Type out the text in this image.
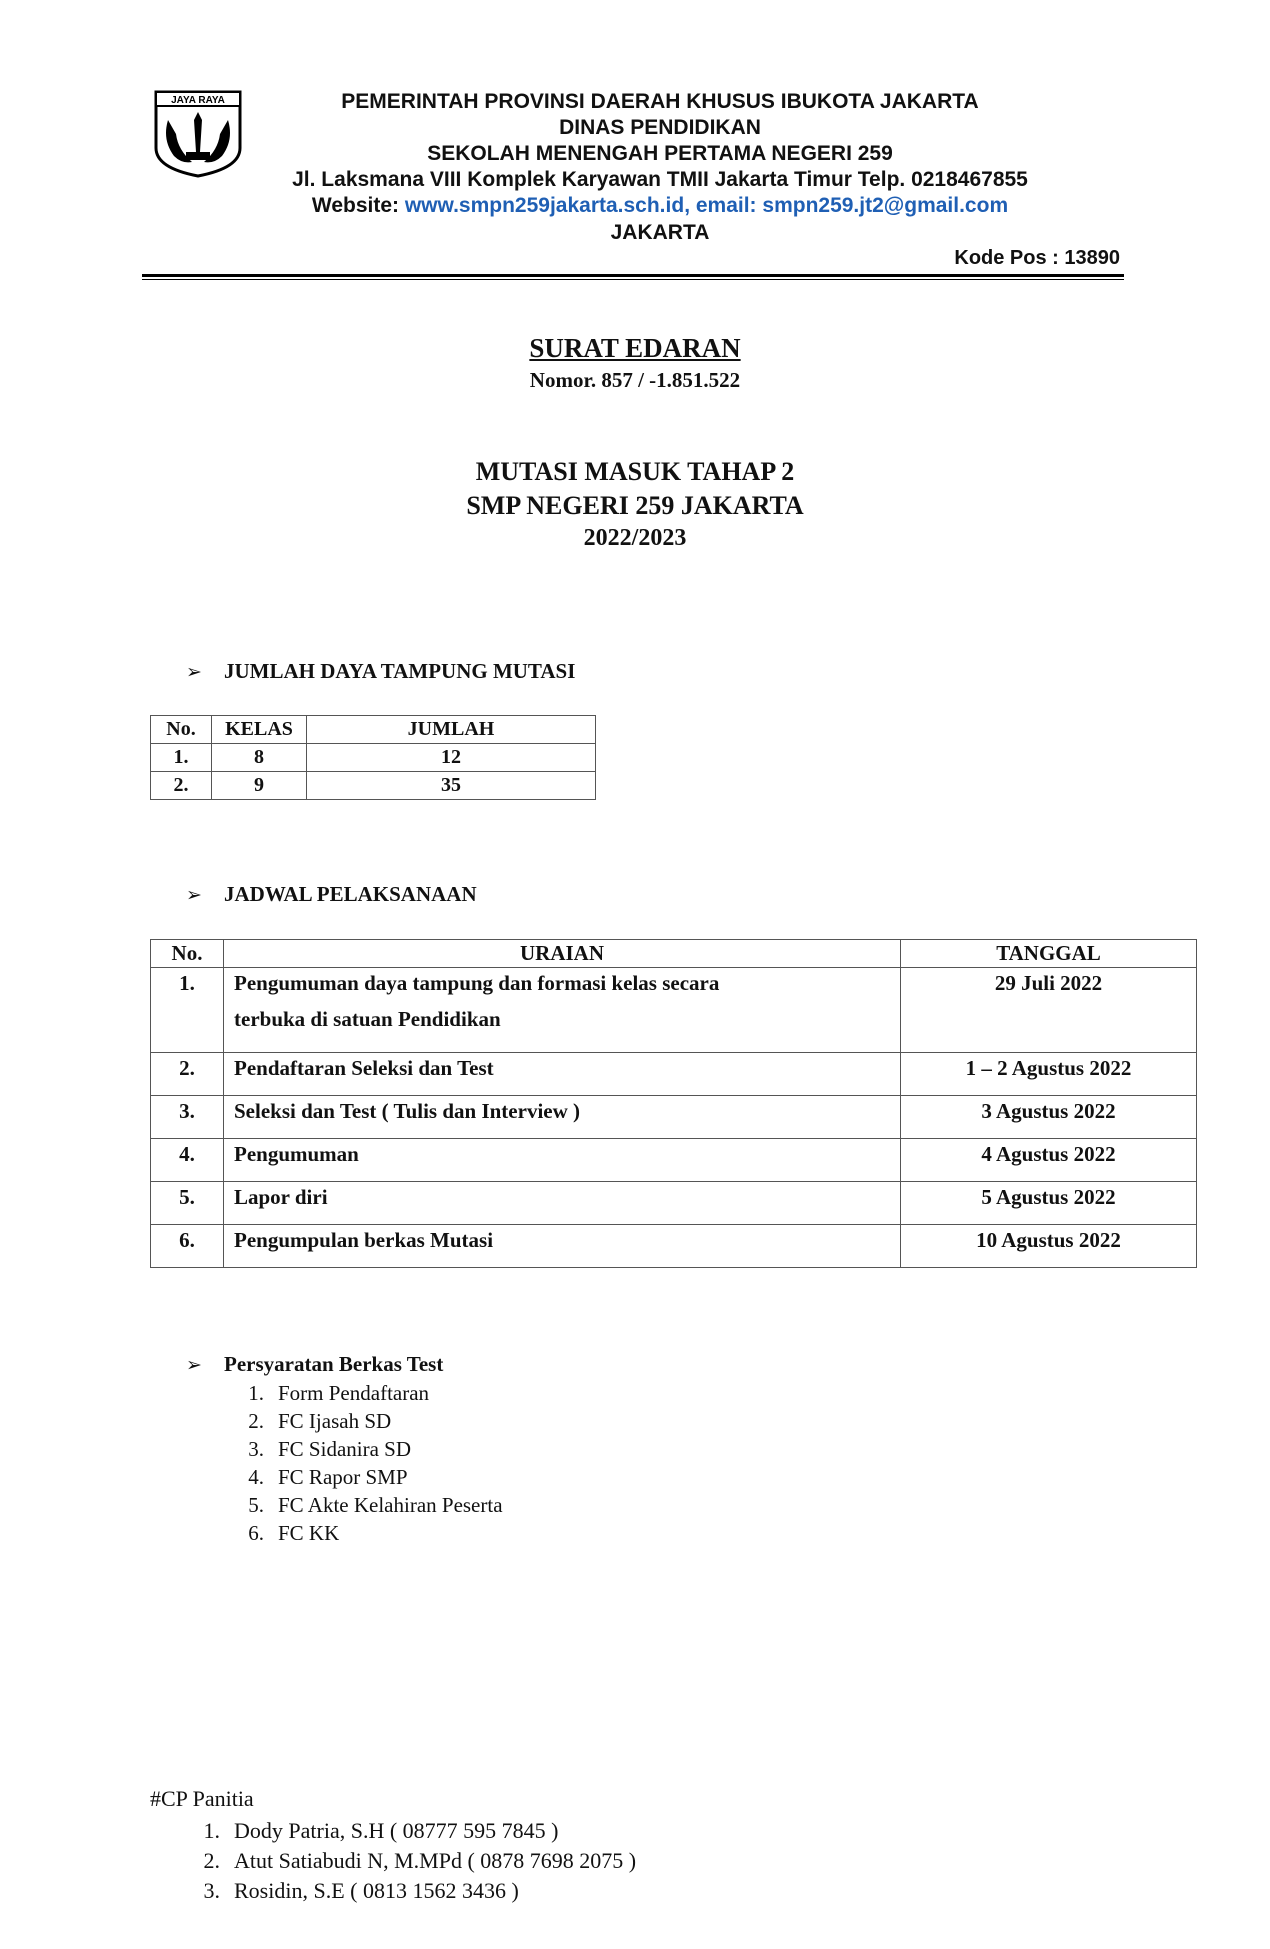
JAYA RAYA	PEMERINTAH PROVINSI DAERAH KHUSUS IBUKOTA JAKARTA
DINAS PENDIDIKAN
SEKOLAH MENENGAH PERTAMA NEGERI 259
Jl. Laksmana VIII Komplek Karyawan TMII Jakarta Timur Telp. 0218467855
Website: www.smpn259jakarta.sch.id, email: smpn259.jt2@gmail.com
JAKARTA
Kode Pos : 13890
SURAT EDARAN
Nomor. 857 / -1.851.522
MUTASI MASUK TAHAP 2
SMP NEGERI 259 JAKARTA
2022/2023
➢ JUMLAH DAYA TAMPUNG MUTASI
No.	KELAS	JUMLAH
1.	8	12
2.	9	35
➢ JADWAL PELAKSANAAN
No.	URAIAN	TANGGAL
1.	Pengumuman daya tampung dan formasi kelas secara
terbuka di satuan Pendidikan	29 Juli 2022
2.	Pendaftaran Seleksi dan Test	1 – 2 Agustus 2022
3.	Seleksi dan Test ( Tulis dan Interview )	3 Agustus 2022
4.	Pengumuman	4 Agustus 2022
5.	Lapor diri	5 Agustus 2022
6.	Pengumpulan berkas Mutasi	10 Agustus 2022
➢ Persyaratan Berkas Test
1. Form Pendaftaran
2. FC Ijasah SD
3. FC Sidanira SD
4. FC Rapor SMP
5. FC Akte Kelahiran Peserta
6. FC KK
#CP Panitia
1. Dody Patria, S.H ( 08777 595 7845 )
2. Atut Satiabudi N, M.MPd ( 0878 7698 2075 )
3. Rosidin, S.E ( 0813 1562 3436 )
